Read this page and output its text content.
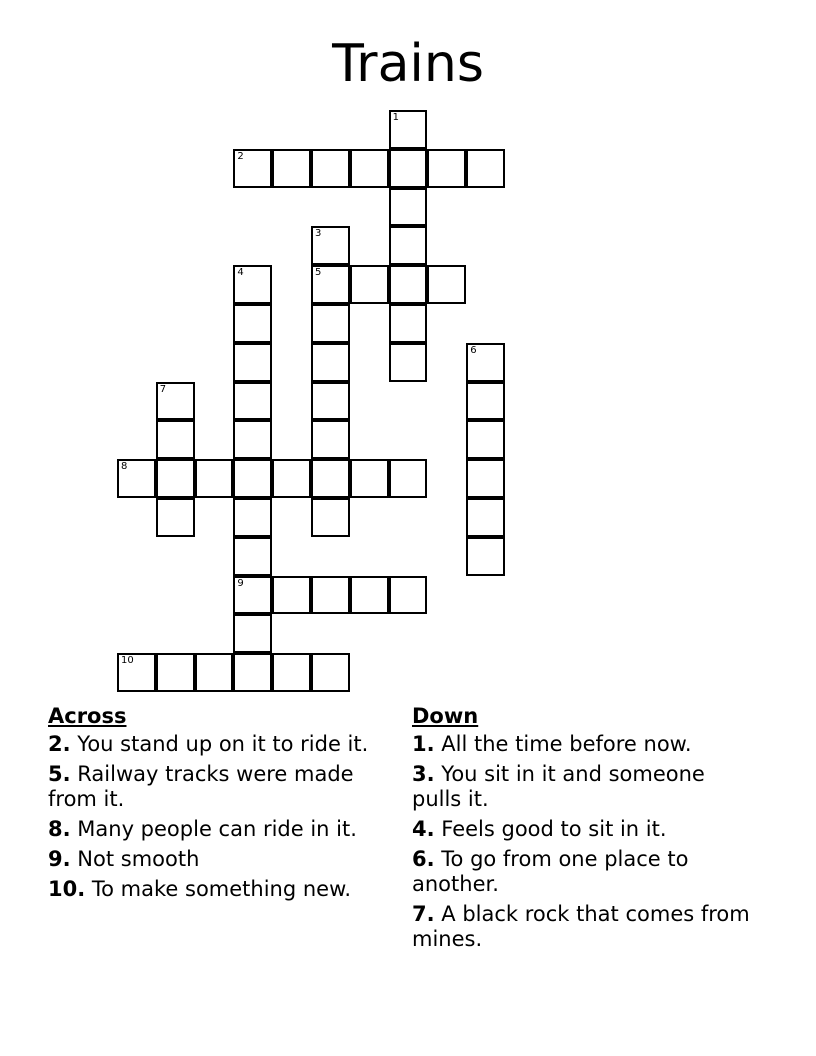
Trains
1
2
3
5
4
9
6
7
8
10
Across
2. You stand up on it to ride it.
5. Railway tracks were made from it.
8. Many people can ride in it.
9. Not smooth
10. To make something new.
Down
1. All the time before now.
3. You sit in it and someone pulls it.
4. Feels good to sit in it.
6. To go from one place to another.
7. A black rock that comes from mines.
